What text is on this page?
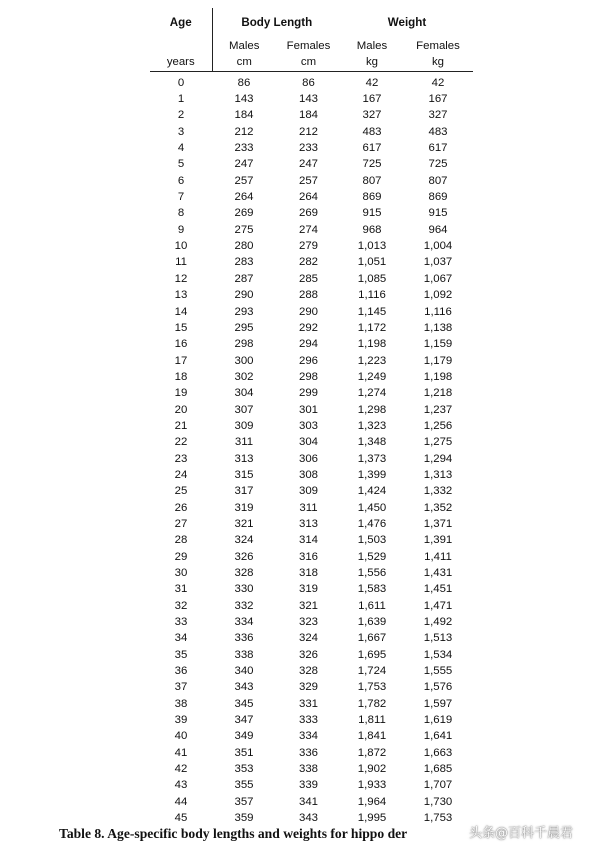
Age	Body Length		Weight	
	Males	Females	Males	Females
years	cm	cm	kg	kg
0	86	86	42	42
1	143	143	167	167
2	184	184	327	327
3	212	212	483	483
4	233	233	617	617
5	247	247	725	725
6	257	257	807	807
7	264	264	869	869
8	269	269	915	915
9	275	274	968	964
10	280	279	1,013	1,004
11	283	282	1,051	1,037
12	287	285	1,085	1,067
13	290	288	1,116	1,092
14	293	290	1,145	1,116
15	295	292	1,172	1,138
16	298	294	1,198	1,159
17	300	296	1,223	1,179
18	302	298	1,249	1,198
19	304	299	1,274	1,218
20	307	301	1,298	1,237
21	309	303	1,323	1,256
22	311	304	1,348	1,275
23	313	306	1,373	1,294
24	315	308	1,399	1,313
25	317	309	1,424	1,332
26	319	311	1,450	1,352
27	321	313	1,476	1,371
28	324	314	1,503	1,391
29	326	316	1,529	1,411
30	328	318	1,556	1,431
31	330	319	1,583	1,451
32	332	321	1,611	1,471
33	334	323	1,639	1,492
34	336	324	1,667	1,513
35	338	326	1,695	1,534
36	340	328	1,724	1,555
37	343	329	1,753	1,576
38	345	331	1,782	1,597
39	347	333	1,811	1,619
40	349	334	1,841	1,641
41	351	336	1,872	1,663
42	353	338	1,902	1,685
43	355	339	1,933	1,707
44	357	341	1,964	1,730
45	359	343	1,995	1,753
Table 8. Age-specific body lengths and weights for hippo der	头条@百科千晨君
